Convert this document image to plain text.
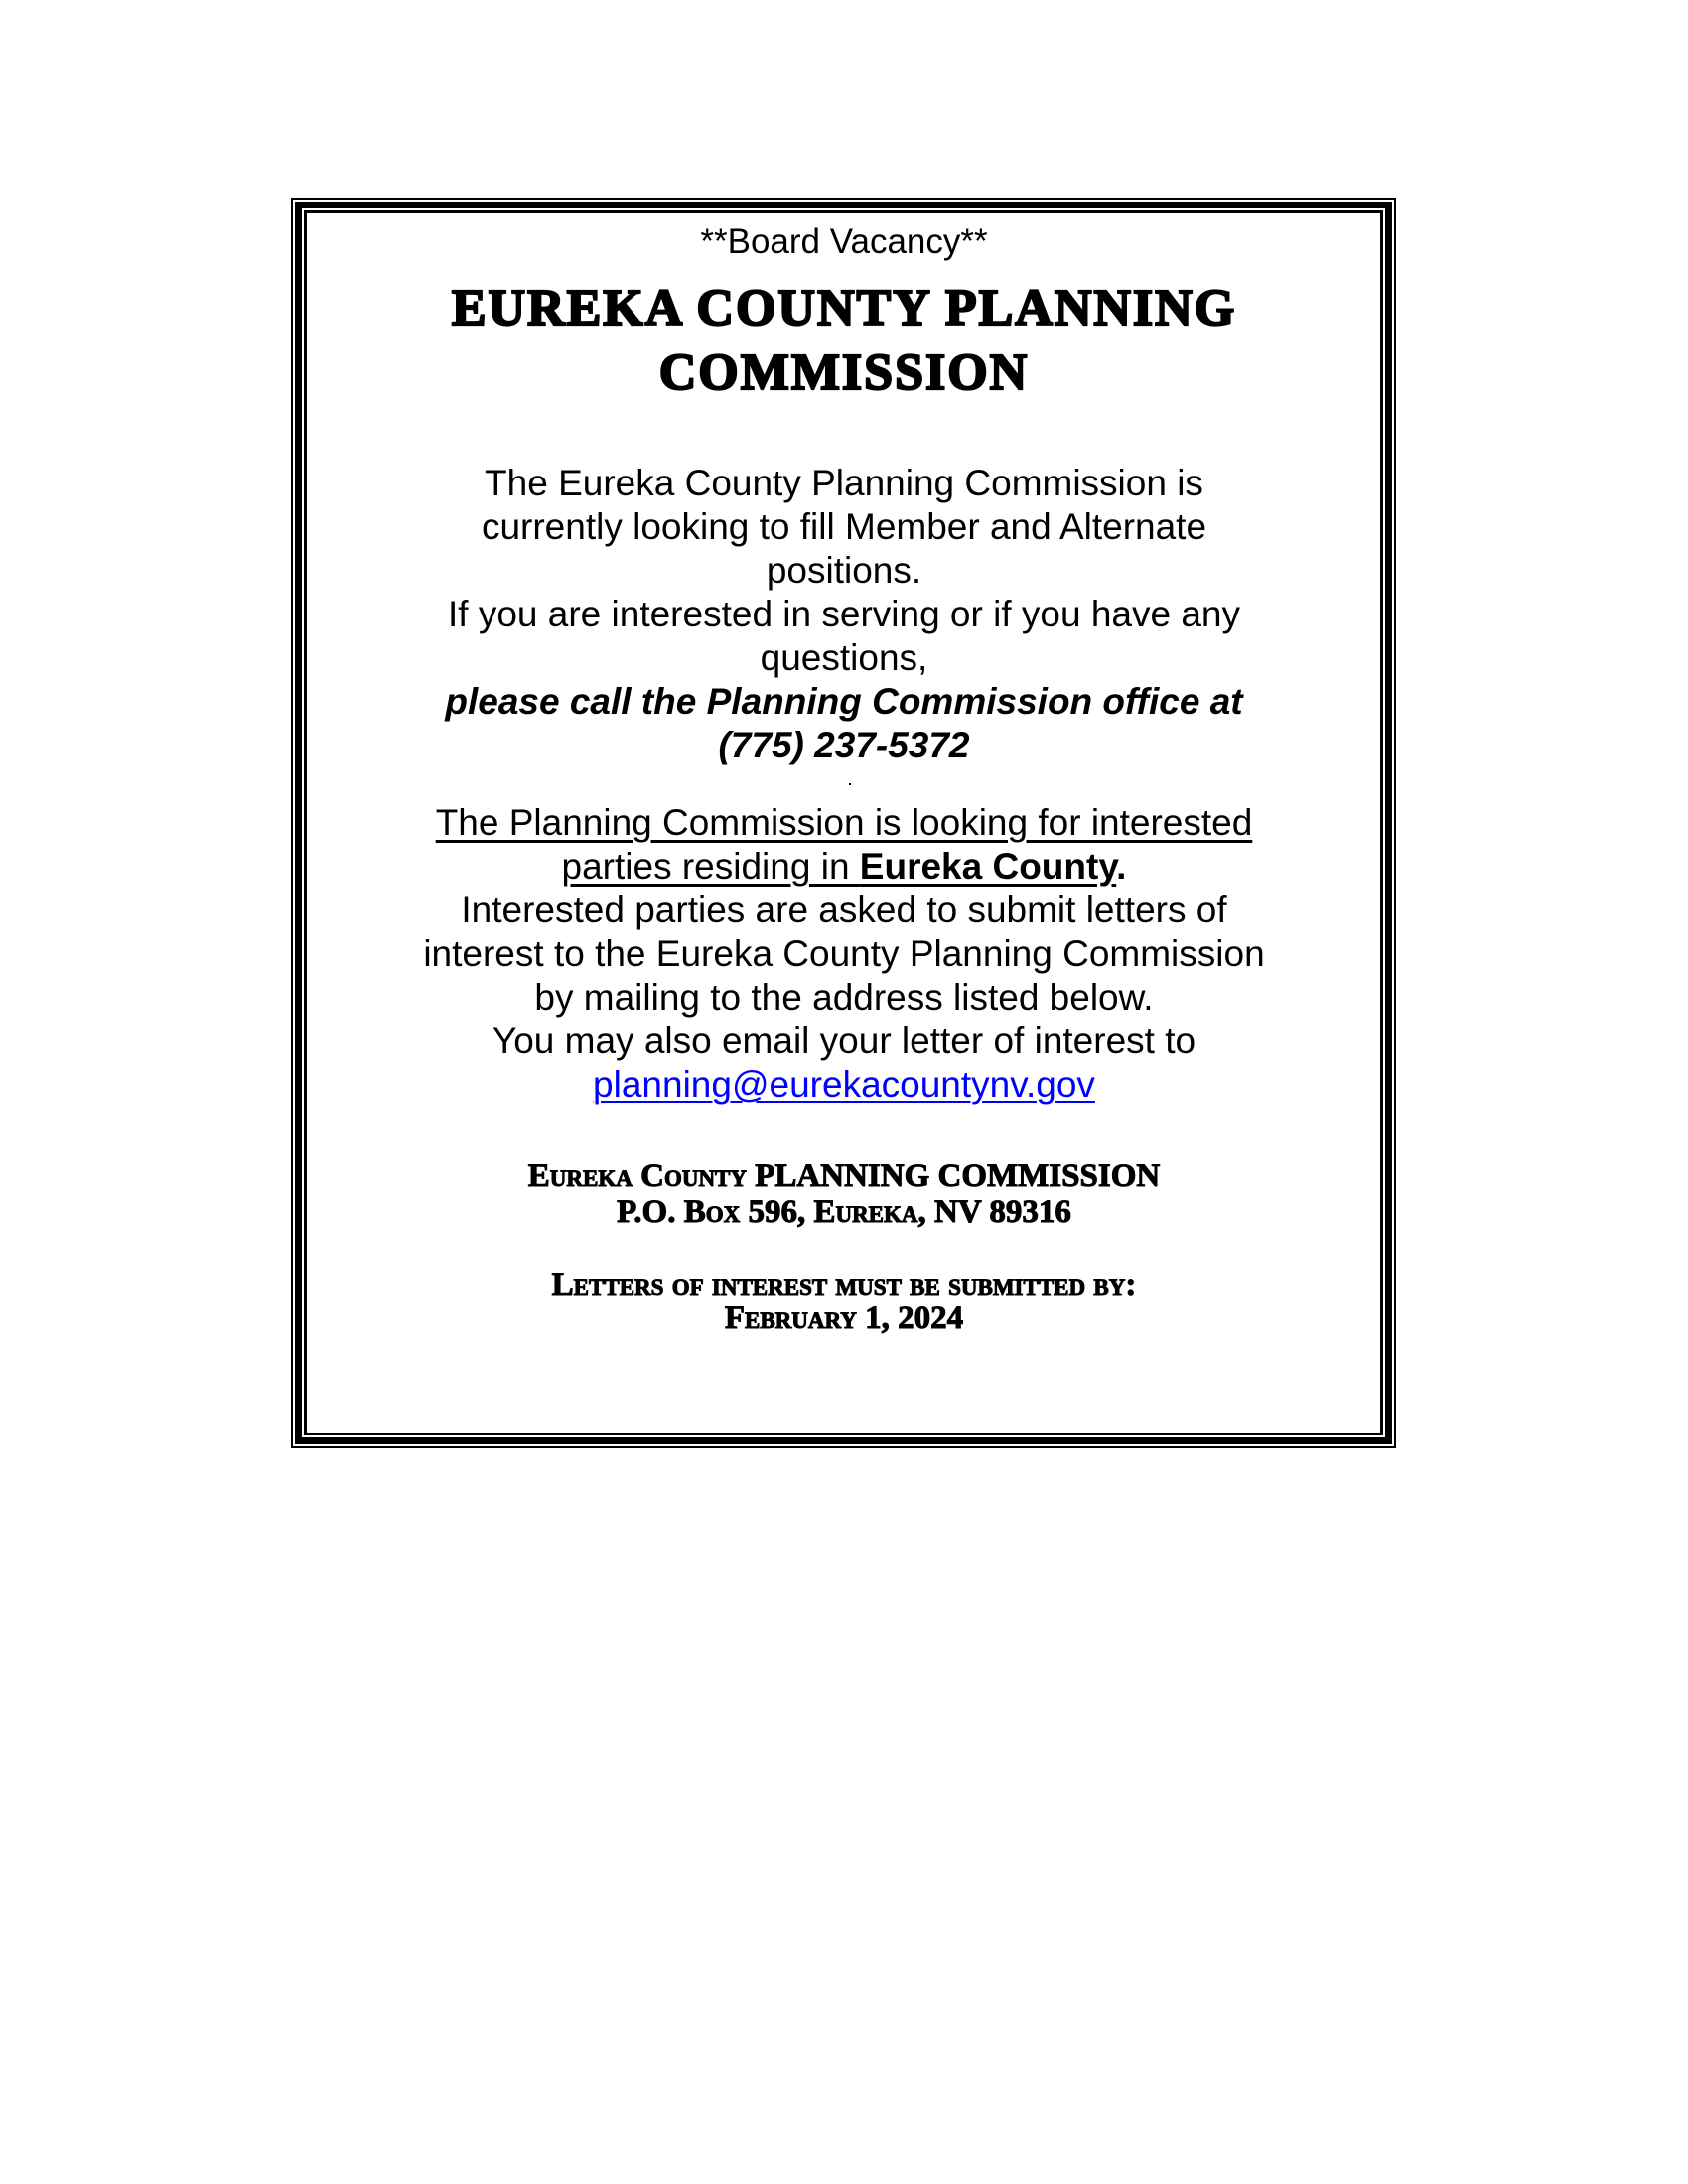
**Board Vacancy**
EUREKA COUNTY PLANNING
COMMISSION
The Eureka County Planning Commission is
currently looking to fill Member and Alternate
positions.
If you are interested in serving or if you have any
questions,
please call the Planning Commission office at
(775) 237-5372
The Planning Commission is looking for interested
parties residing in Eureka County.
Interested parties are asked to submit letters of
interest to the Eureka County Planning Commission
by mailing to the address listed below.
You may also email your letter of interest to
planning@eurekacountynv.gov
Eureka County PLANNING COMMISSION
P.O. Box 596, Eureka, NV 89316
Letters of interest must be submitted by:
February 1, 2024
